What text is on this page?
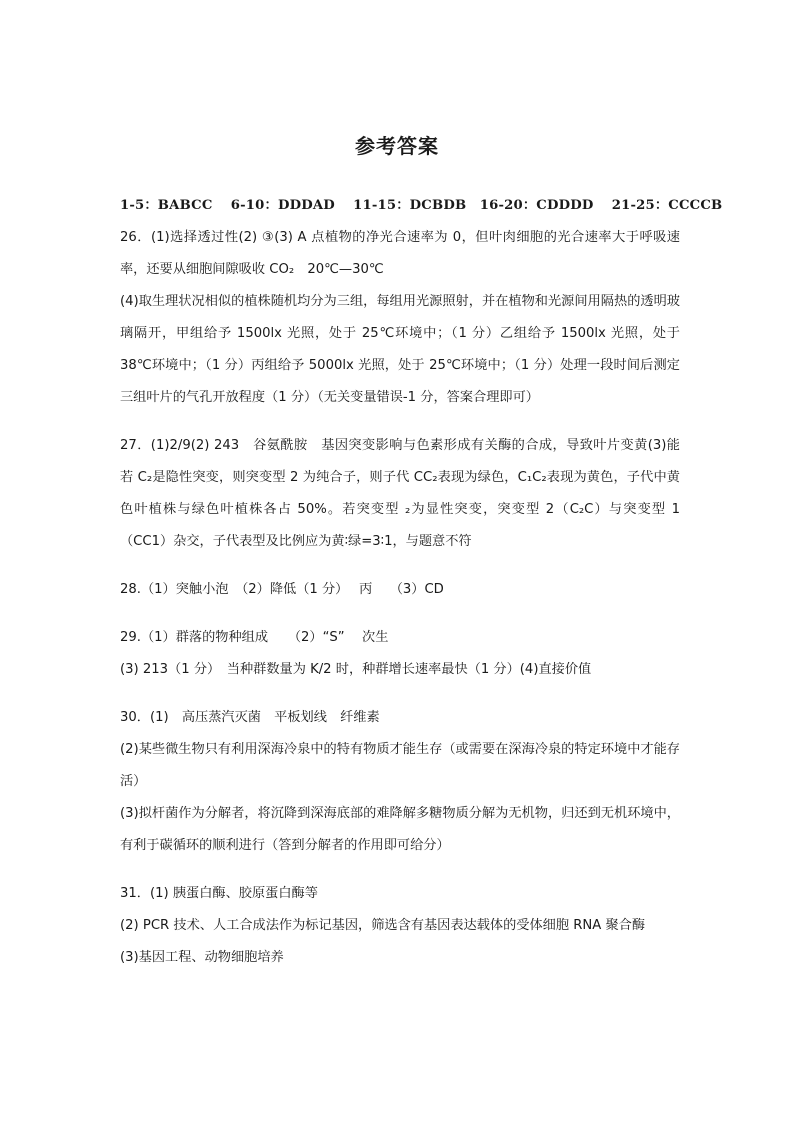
参考答案

1-5：BABCC　 6-10：DDDAD　 11-15：DCBDB　16-20：CDDDD　 21-25：CCCCB

26．(1)选择透过性(2) ③(3) A 点植物的净光合速率为 0，但叶肉细胞的光合速率大于呼吸速率，还要从细胞间隙吸收 CO₂　20℃—30℃

(4)取生理状况相似的植株随机均分为三组，每组用光源照射，并在植物和光源间用隔热的透明玻璃隔开，甲组给予 1500lx 光照，处于 25℃环境中；（1 分）乙组给予 1500lx 光照，处于 38℃环境中；（1 分）丙组给予 5000lx 光照，处于 25℃环境中；（1 分）处理一段时间后测定三组叶片的气孔开放程度（1 分）（无关变量错误-1 分，答案合理即可）

27．(1)2/9(2) 243　谷氨酰胺　基因突变影响与色素形成有关酶的合成，导致叶片变黄(3)能　若 C₂是隐性突变，则突变型 2 为纯合子，则子代 CC₂表现为绿色，C₁C₂表现为黄色，子代中黄色叶植株与绿色叶植株各占 50%。若突变型 ₂为显性突变，突变型 2（C₂C）与突变型 1（CC1）杂交，子代表型及比例应为黄∶绿=3∶1，与题意不符

28.（1）突触小泡　（2）降低（1 分）　 丙　 （3）CD

29.（1）群落的物种组成　　（2）“S”　 次生

(3) 213（1 分）　当种群数量为 K/2 时，种群增长速率最快（1 分）(4)直接价值

30．(1)　高压蒸汽灭菌　平板划线　纤维素

(2)某些微生物只有利用深海冷泉中的特有物质才能生存（或需要在深海冷泉的特定环境中才能存活）

(3)拟杆菌作为分解者，将沉降到深海底部的难降解多糖物质分解为无机物，归还到无机环境中，有利于碳循环的顺利进行（答到分解者的作用即可给分）

31．(1) 胰蛋白酶、胶原蛋白酶等

(2) PCR 技术、人工合成法作为标记基因，筛选含有基因表达载体的受体细胞 RNA 聚合酶

(3)基因工程、动物细胞培养
